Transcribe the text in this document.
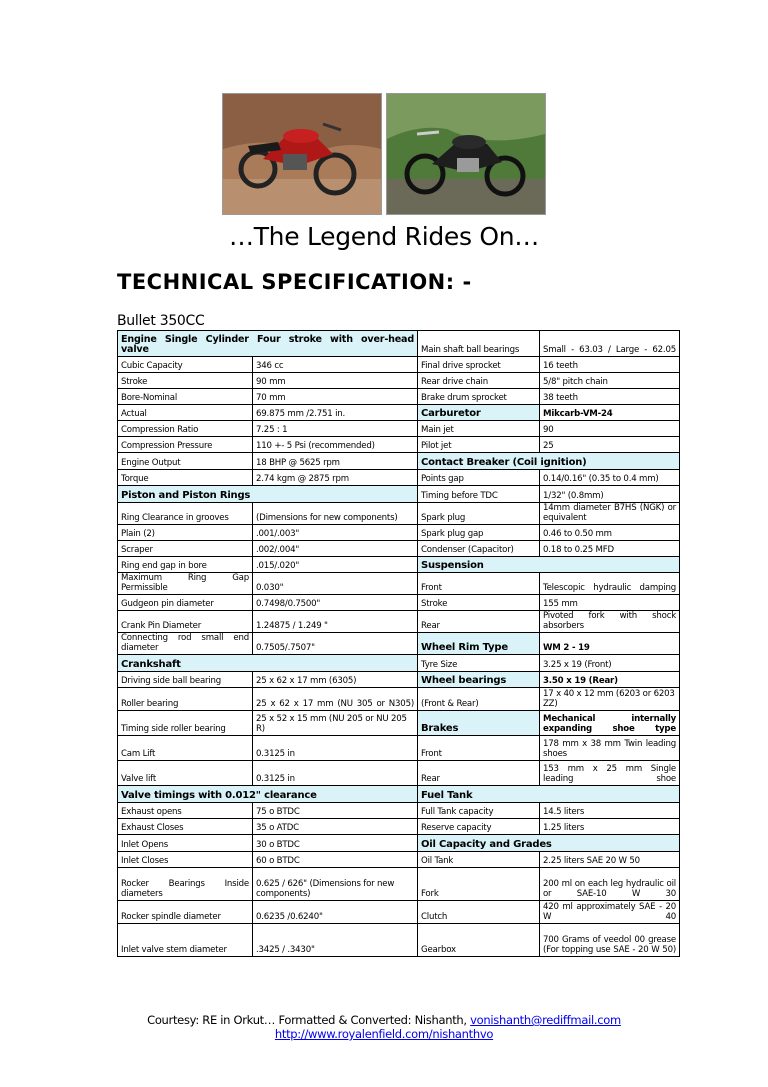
…The Legend Rides On…
TECHNICAL SPECIFICATION: -
Bullet 350CC
Engine Single Cylinder Four stroke with over-head valve		Main shaft ball bearings	Small - 63.03 / Large - 62.05
Cubic Capacity	346 cc	Final drive sprocket	16 teeth
Stroke	90 mm	Rear drive chain	5/8" pitch chain
Bore-Nominal	70 mm	Brake drum sprocket	38 teeth
Actual	69.875 mm /2.751 in.	Carburetor	Mikcarb-VM-24
Compression Ratio	7.25 : 1	Main jet	90
Compression Pressure	110 +- 5 Psi (recommended)	Pilot jet	25
Engine Output	18 BHP @ 5625 rpm	Contact Breaker (Coil ignition)	
Torque	2.74 kgm @ 2875 rpm	Points gap	0.14/0.16" (0.35 to 0.4 mm)
Piston and Piston Rings		Timing before TDC	1/32" (0.8mm)
Ring Clearance in grooves	(Dimensions for new components)	Spark plug	14mm diameter B7HS (NGK) or equivalent
Plain (2)	.001/.003"	Spark plug gap	0.46 to 0.50 mm
Scraper	.002/.004"	Condenser (Capacitor)	0.18 to 0.25 MFD
Ring end gap in bore	.015/.020"	Suspension	
Maximum Ring Gap Permissible	0.030"	Front	Telescopic hydraulic damping
Gudgeon pin diameter	0.7498/0.7500"	Stroke	155 mm
Crank Pin Diameter	1.24875 / 1.249 "	Rear	Pivoted fork with shock absorbers
Connecting rod small end diameter	0.7505/.7507"	Wheel Rim Type	WM 2 - 19
Crankshaft		Tyre Size	3.25 x 19 (Front)
Driving side ball bearing	25 x 62 x 17 mm (6305)	Wheel bearings	3.50 x 19 (Rear)
Roller bearing	25 x 62 x 17 mm (NU 305 or N305)	(Front & Rear)	17 x 40 x 12 mm (6203 or 6203 ZZ)
Timing side roller bearing	25 x 52 x 15 mm (NU 205 or NU 205 R)	Brakes	Mechanical internally expanding shoe type
Cam Lift	0.3125 in	Front	178 mm x 38 mm Twin leading shoes
Valve lift	0.3125 in	Rear	153 mm x 25 mm Single leading shoe
Valve timings with 0.012" clearance		Fuel Tank	
Exhaust opens	75 o BTDC	Full Tank capacity	14.5 liters
Exhaust Closes	35 o ATDC	Reserve capacity	1.25 liters
Inlet Opens	30 o BTDC	Oil Capacity and Grades	
Inlet Closes	60 o BTDC	Oil Tank	2.25 liters SAE 20 W 50
Rocker Bearings Inside diameters	0.625 / 626" (Dimensions for new components)	Fork	200 ml on each leg hydraulic oil or SAE-10 W 30
Rocker spindle diameter	0.6235 /0.6240"	Clutch	420 ml approximately SAE - 20 W 40
Inlet valve stem diameter	.3425 / .3430"	Gearbox	700 Grams of veedol 00 grease (For topping use SAE - 20 W 50)
Courtesy: RE in Orkut… Formatted & Converted: Nishanth, vonishanth@rediffmail.com
http://www.royalenfield.com/nishanthvo
